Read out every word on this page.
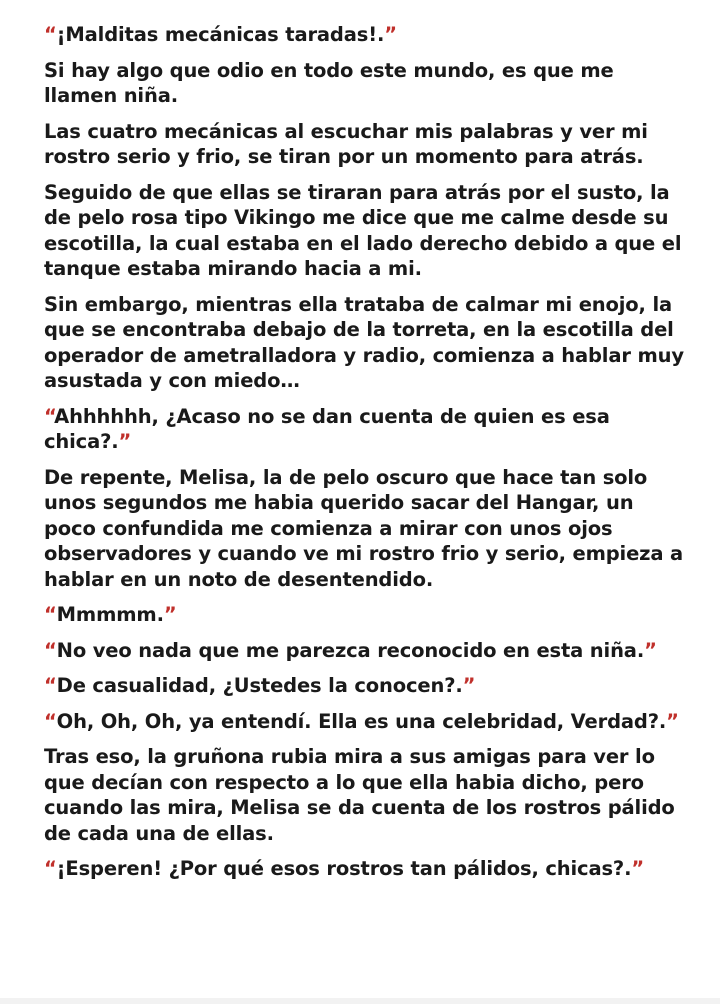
“¡Malditas mecánicas taradas!.”

Si hay algo que odio en todo este mundo, es que me llamen niña.

Las cuatro mecánicas al escuchar mis palabras y ver mi rostro serio y frio, se tiran por un momento para atrás.

Seguido de que ellas se tiraran para atrás por el susto, la de pelo rosa tipo Vikingo me dice que me calme desde su escotilla, la cual estaba en el lado derecho debido a que el tanque estaba mirando hacia a mi.

Sin embargo, mientras ella trataba de calmar mi enojo, la que se encontraba debajo de la torreta, en la escotilla del operador de ametralladora y radio, comienza a hablar muy asustada y con miedo…

“Ahhhhhh, ¿Acaso no se dan cuenta de quien es esa chica?.”

De repente, Melisa, la de pelo oscuro que hace tan solo unos segundos me habia querido sacar del Hangar, un poco confundida me comienza a mirar con unos ojos observadores y cuando ve mi rostro frio y serio, empieza a hablar en un noto de desentendido.

“Mmmmm.”

“No veo nada que me parezca reconocido en esta niña.”

“De casualidad, ¿Ustedes la conocen?.”

“Oh, Oh, Oh, ya entendí. Ella es una celebridad, Verdad?.”

Tras eso, la gruñona rubia mira a sus amigas para ver lo que decían con respecto a lo que ella habia dicho, pero cuando las mira, Melisa se da cuenta de los rostros pálido de cada una de ellas.

“¡Esperen! ¿Por qué esos rostros tan pálidos, chicas?.”
